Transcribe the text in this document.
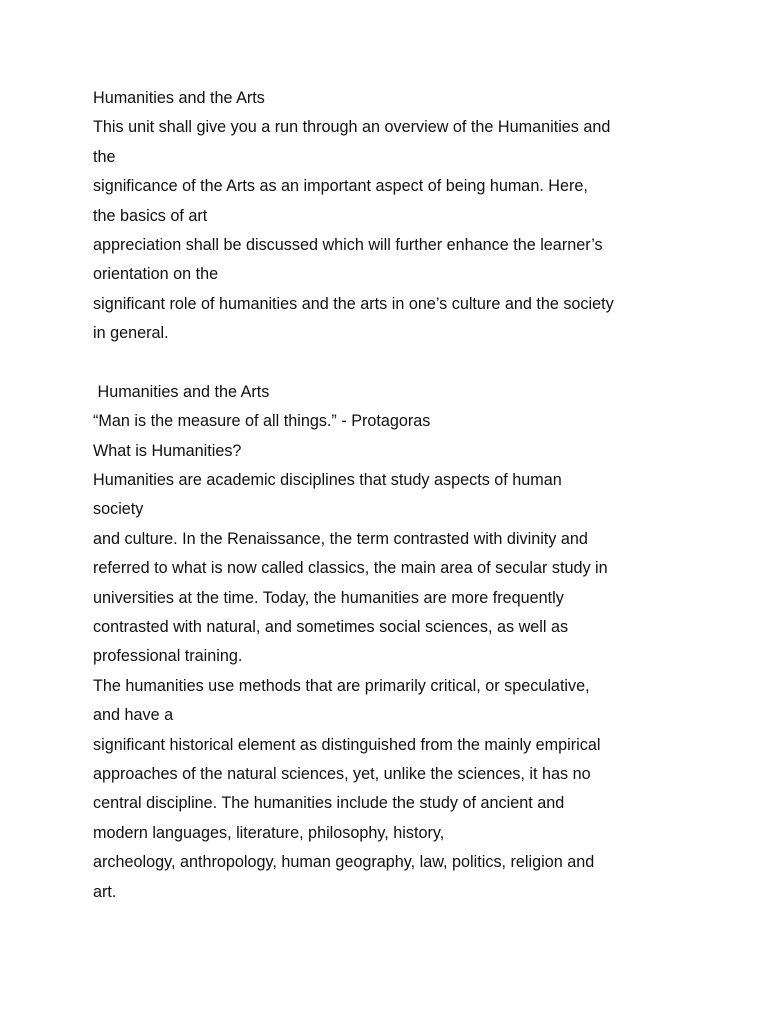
Humanities and the Arts
This unit shall give you a run through an overview of the Humanities and
the
significance of the Arts as an important aspect of being human. Here,
the basics of art
appreciation shall be discussed which will further enhance the learner’s
orientation on the
significant role of humanities and the arts in one’s culture and the society
in general.
Humanities and the Arts
“Man is the measure of all things.” - Protagoras
What is Humanities?
Humanities are academic disciplines that study aspects of human
society
and culture. In the Renaissance, the term contrasted with divinity and
referred to what is now called classics, the main area of secular study in
universities at the time. Today, the humanities are more frequently
contrasted with natural, and sometimes social sciences, as well as
professional training.
The humanities use methods that are primarily critical, or speculative,
and have a
significant historical element as distinguished from the mainly empirical
approaches of the natural sciences, yet, unlike the sciences, it has no
central discipline. The humanities include the study of ancient and
modern languages, literature, philosophy, history,
archeology, anthropology, human geography, law, politics, religion and
art.
